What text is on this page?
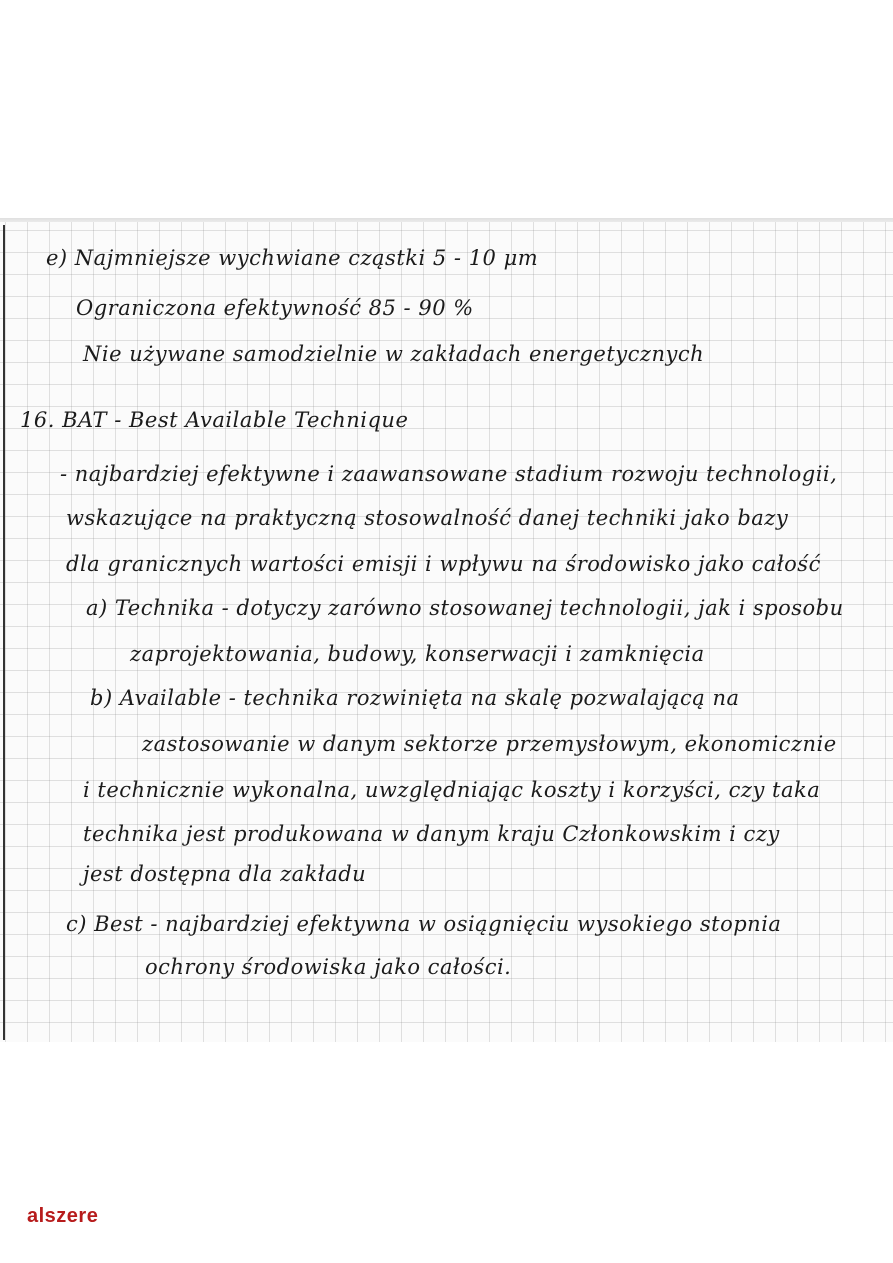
e) Najmniejsze wychwiane cząstki 5 - 10 μm
Ograniczona efektywność 85 - 90 %
Nie używane samodzielnie w zakładach energetycznych
16. BAT - Best Available Technique
- najbardziej efektywne i zaawansowane stadium rozwoju technologii,
wskazujące na praktyczną stosowalność danej techniki jako bazy
dla granicznych wartości emisji i wpływu na środowisko jako całość
a) Technika - dotyczy zarówno stosowanej technologii, jak i sposobu
zaprojektowania, budowy, konserwacji i zamknięcia
b) Available - technika rozwinięta na skalę pozwalającą na
zastosowanie w danym sektorze przemysłowym, ekonomicznie
i technicznie wykonalna, uwzględniając koszty i korzyści, czy taka
technika jest produkowana w danym kraju Członkowskim i czy
jest dostępna dla zakładu
c) Best - najbardziej efektywna w osiągnięciu wysokiego stopnia
ochrony środowiska jako całości.
alszere
